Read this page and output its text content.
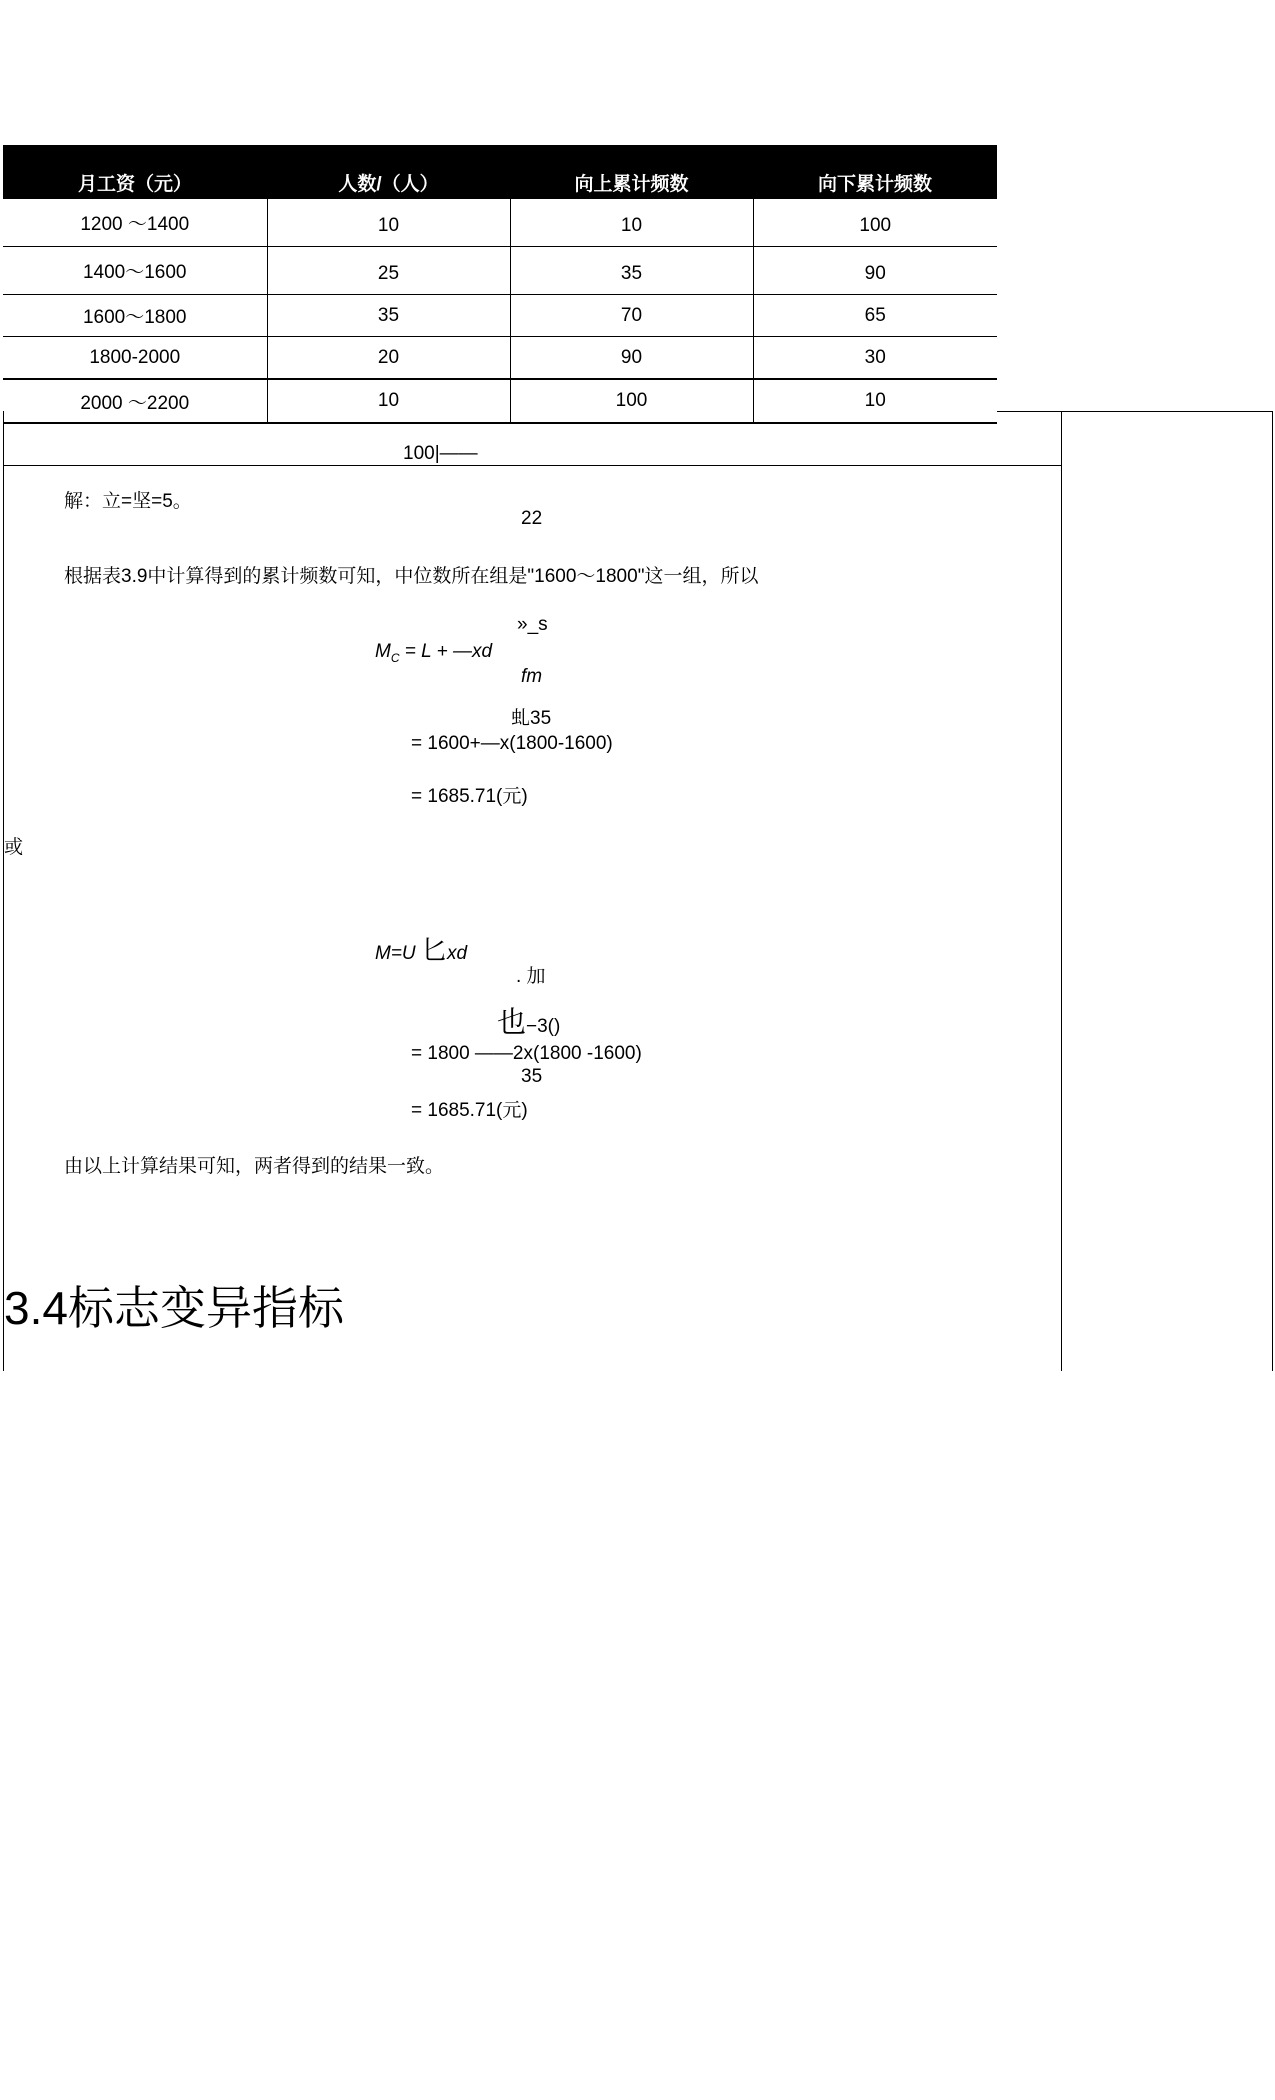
月工资（元）	人数/（人）	向上累计频数	向下累计频数
1200 〜1400	10	10	100
1400〜1600	25	35	90
1600〜1800	35	70	65
1800-2000	20	90	30
2000 〜2200	10	100	10
100|——
解：立=坚=5。
22
根据表3.9中计算得到的累计频数可知，中位数所在组是"1600〜1800"这一组，所以
»_s
$M_C = L$ + —xd
fm
虬35
= 1600+—x(1800-1600)
= 1685.71(元)
或
M=U 匕xd
. 加
也−3()
= 1800 ——2x(1800 -1600)
35
= 1685.71(元)
由以上计算结果可知，两者得到的结果一致。
3.4标志变异指标
